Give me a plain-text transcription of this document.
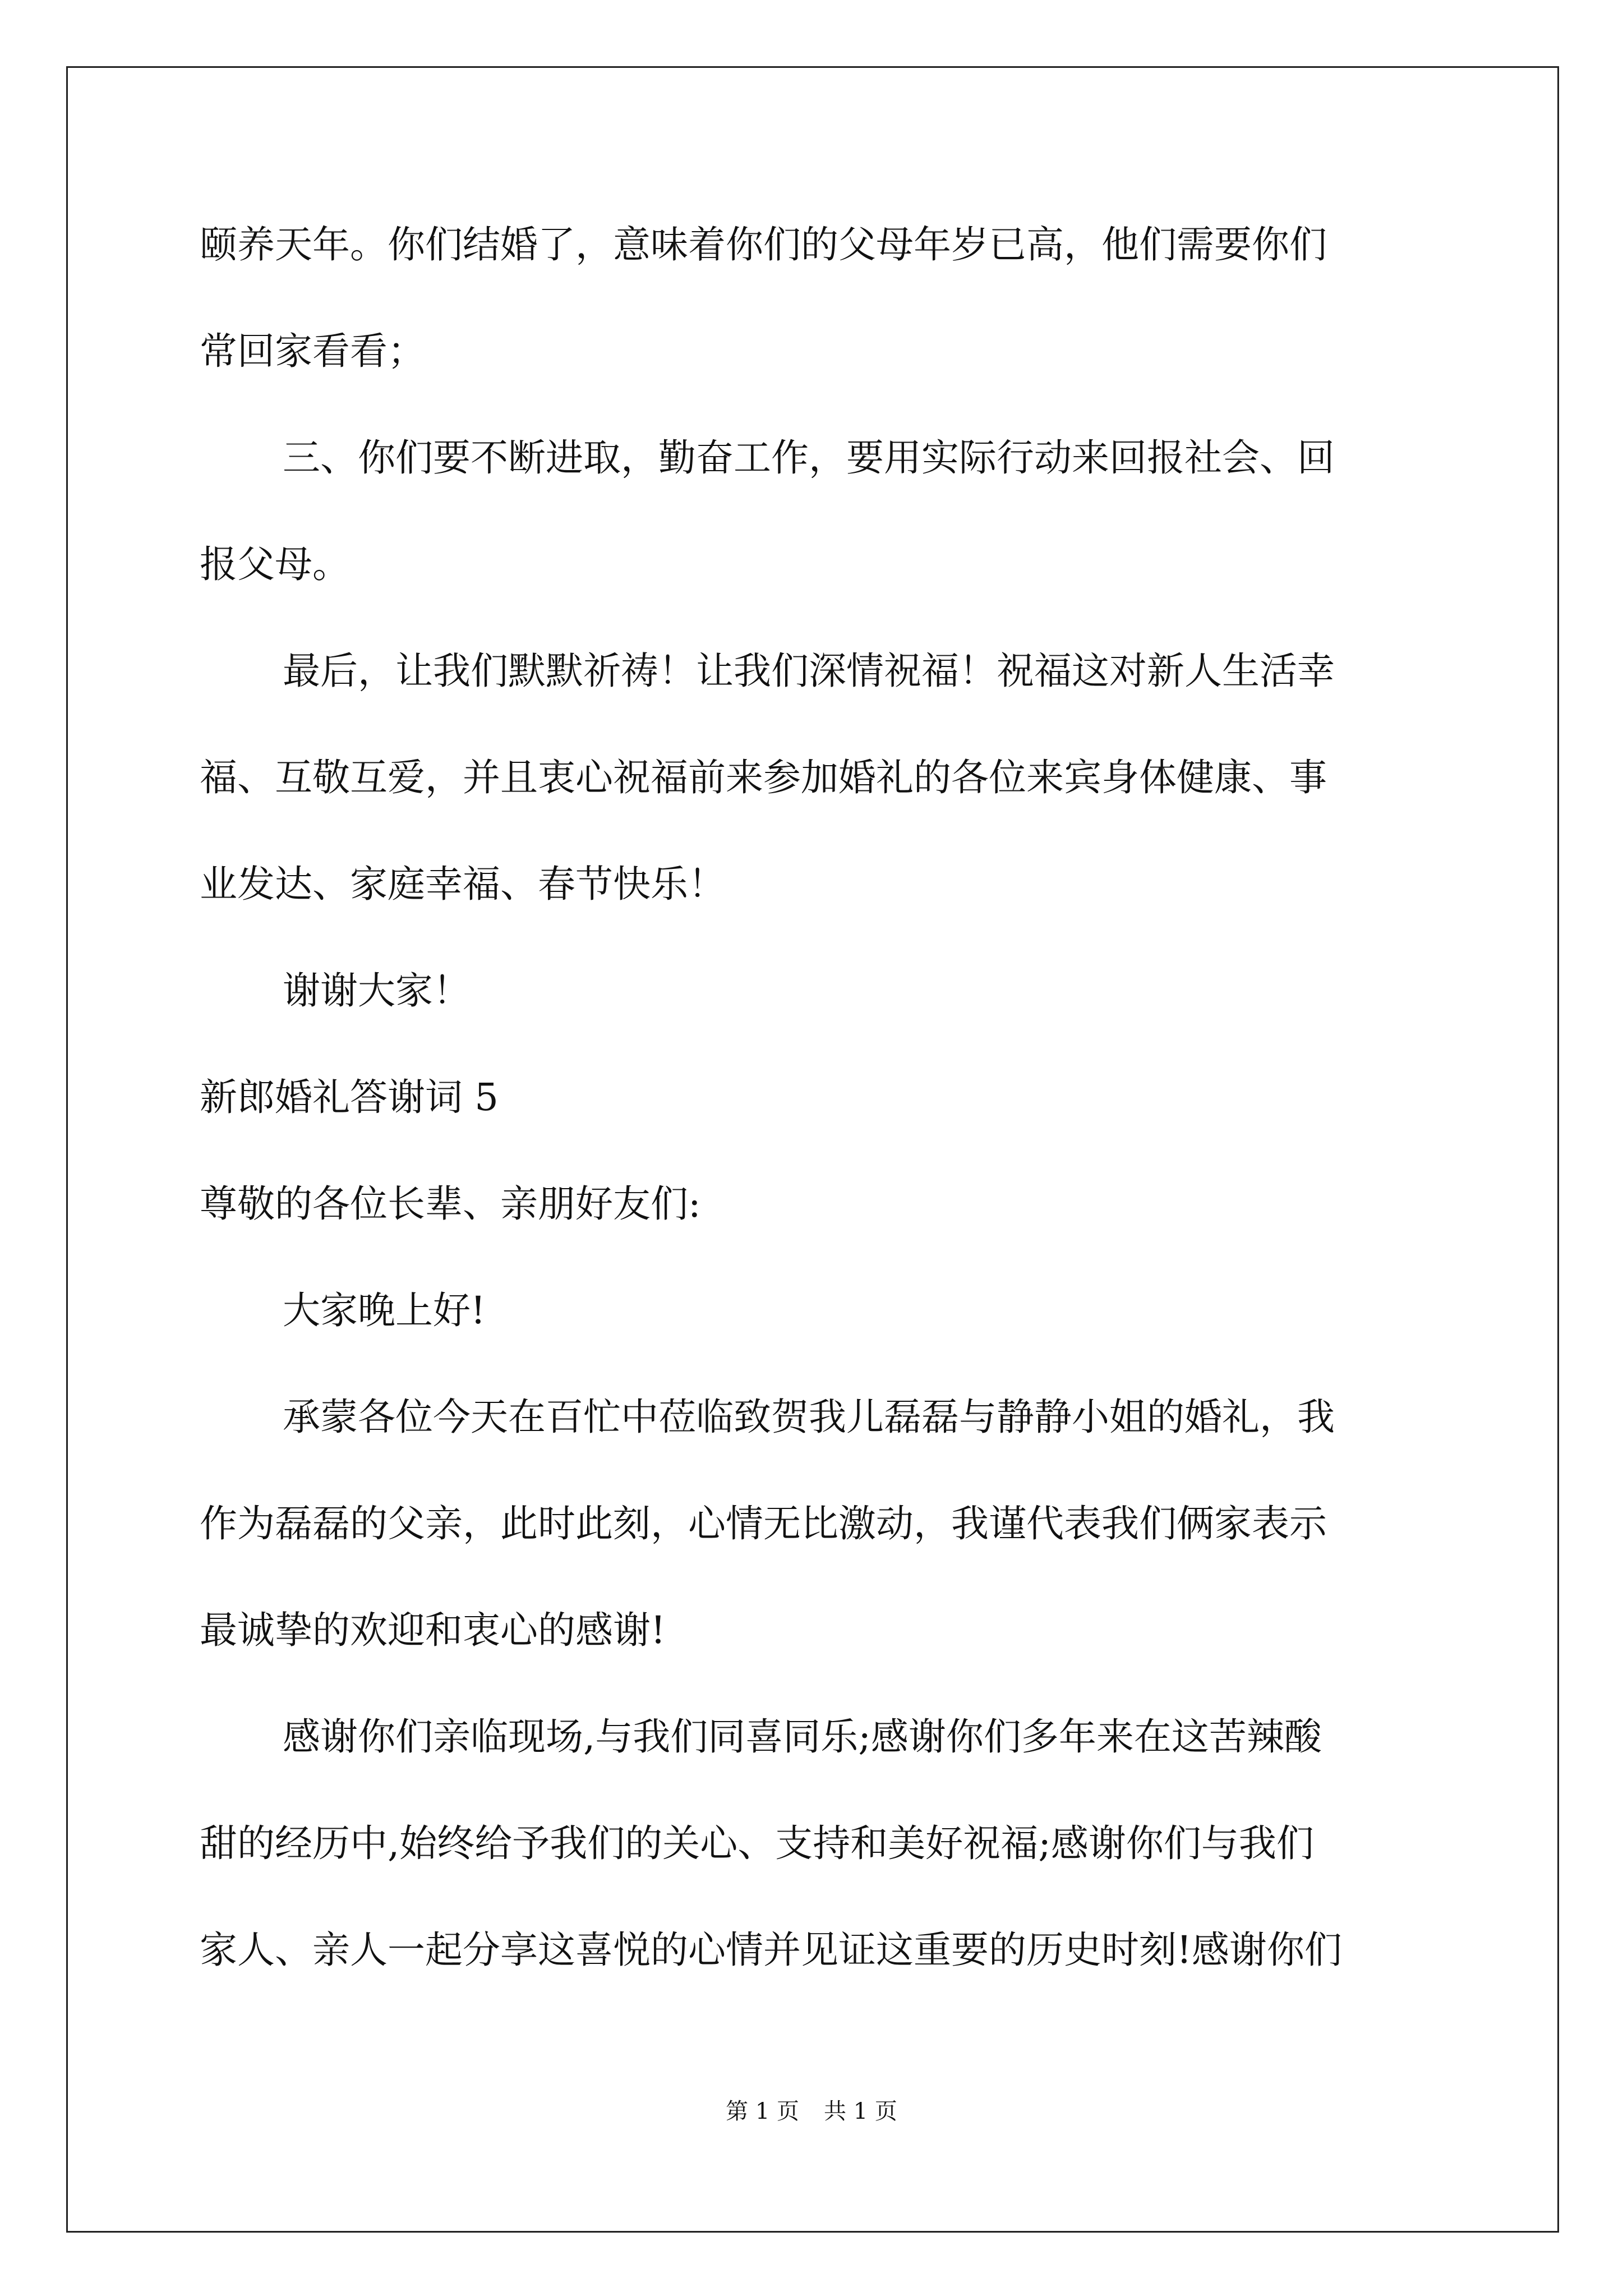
颐养天年。你们结婚了，意味着你们的父母年岁已高，他们需要你们
常回家看看；
三、你们要不断进取，勤奋工作，要用实际行动来回报社会、回
报父母。
最后，让我们默默祈祷！让我们深情祝福！祝福这对新人生活幸
福、互敬互爱，并且衷心祝福前来参加婚礼的各位来宾身体健康、事
业发达、家庭幸福、春节快乐！
谢谢大家！
新郎婚礼答谢词 5
尊敬的各位长辈、亲朋好友们:
大家晚上好!
承蒙各位今天在百忙中莅临致贺我儿磊磊与静静小姐的婚礼，我
作为磊磊的父亲，此时此刻，心情无比激动，我谨代表我们俩家表示
最诚挚的欢迎和衷心的感谢!
感谢你们亲临现场,与我们同喜同乐;感谢你们多年来在这苦辣酸
甜的经历中,始终给予我们的关心、支持和美好祝福;感谢你们与我们
家人、亲人一起分享这喜悦的心情并见证这重要的历史时刻!感谢你们
第 1 页 共 1 页
